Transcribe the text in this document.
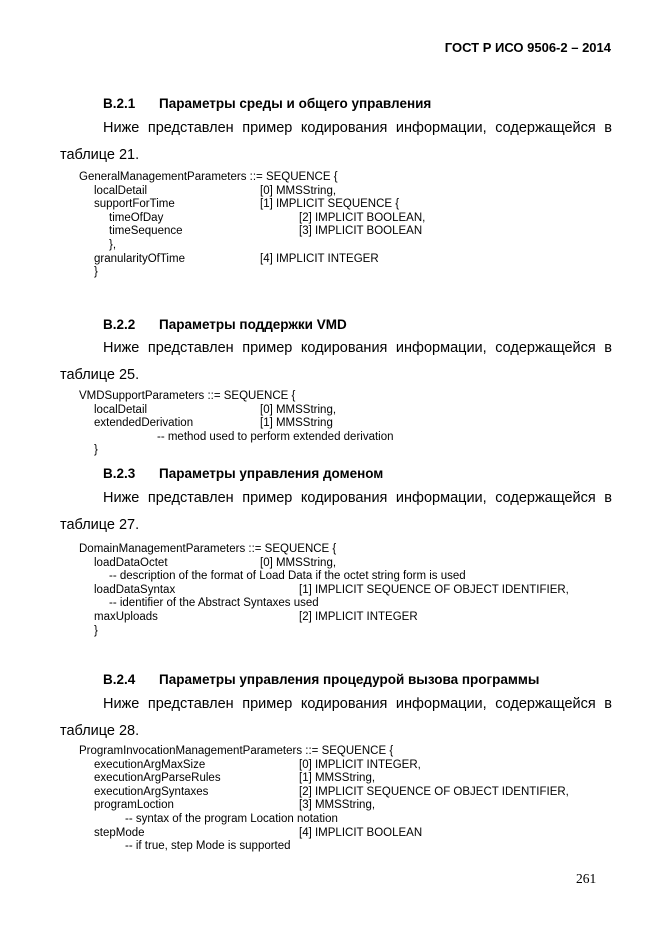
ГОСТ Р ИСО 9506-2 – 2014
B.2.1 Параметры среды и общего управления
Ниже представлен пример кодирования информации, содержащейся в
таблице 21.
GeneralManagementParameters ::= SEQUENCE {
localDetail	[0] MMSString,
supportForTime	[1] IMPLICIT SEQUENCE {
timeOfDay	[2] IMPLICIT BOOLEAN,
timeSequence	[3] IMPLICIT BOOLEAN
},
granularityOfTime	[4] IMPLICIT INTEGER
}
B.2.2 Параметры поддержки VMD
Ниже представлен пример кодирования информации, содержащейся в
таблице 25.
VMDSupportParameters ::= SEQUENCE {
localDetail	[0] MMSString,
extendedDerivation	[1] MMSString
-- method used to perform extended derivation
}
B.2.3 Параметры управления доменом
Ниже представлен пример кодирования информации, содержащейся в
таблице 27.
DomainManagementParameters ::= SEQUENCE {
loadDataOctet	[0] MMSString,
-- description of the format of Load Data if the octet string form is used
loadDataSyntax	[1] IMPLICIT SEQUENCE OF OBJECT IDENTIFIER,
-- identifier of the Abstract Syntaxes used
maxUploads	[2] IMPLICIT INTEGER
}
B.2.4 Параметры управления процедурой вызова программы
Ниже представлен пример кодирования информации, содержащейся в
таблице 28.
ProgramInvocationManagementParameters ::= SEQUENCE {
executionArgMaxSize	[0] IMPLICIT INTEGER,
executionArgParseRules	[1] MMSString,
executionArgSyntaxes	[2] IMPLICIT SEQUENCE OF OBJECT IDENTIFIER,
programLoction	[3] MMSString,
-- syntax of the program Location notation
stepMode	[4] IMPLICIT BOOLEAN
-- if true, step Mode is supported
261
